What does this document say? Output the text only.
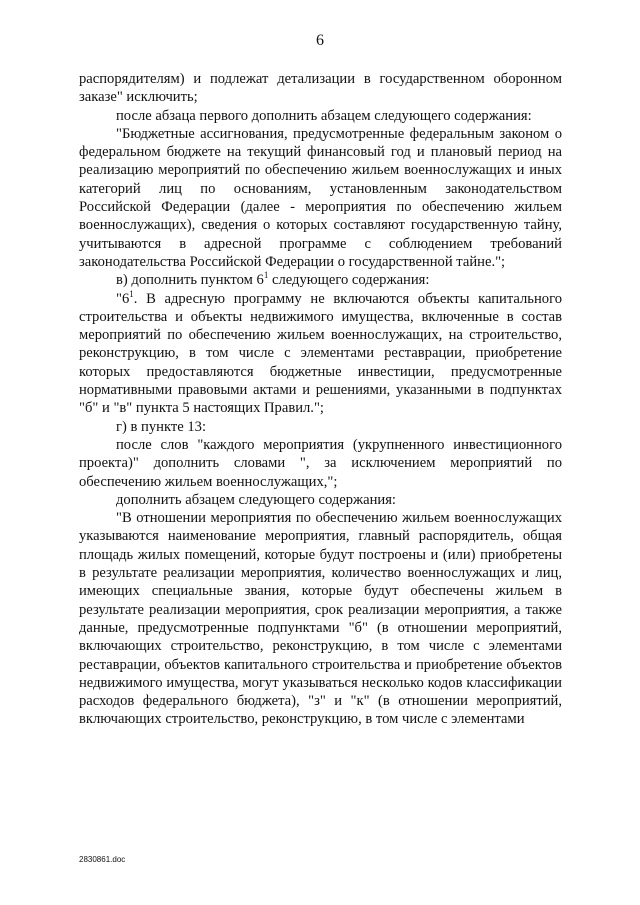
6

распорядителям) и подлежат детализации в государственном оборонном заказе" исключить;

после абзаца первого дополнить абзацем следующего содержания:

"Бюджетные ассигнования, предусмотренные федеральным законом о федеральном бюджете на текущий финансовый год и плановый период на реализацию мероприятий по обеспечению жильем военнослужащих и иных категорий лиц по основаниям, установленным законодательством Российской Федерации (далее - мероприятия по обеспечению жильем военнослужащих), сведения о которых составляют государственную тайну, учитываются в адресной программе с соблюдением требований законодательства Российской Федерации о государственной тайне.";

в) дополнить пунктом $6^1$ следующего содержания:

"$6^1$. В адресную программу не включаются объекты капитального строительства и объекты недвижимого имущества, включенные в состав мероприятий по обеспечению жильем военнослужащих, на строительство, реконструкцию, в том числе с элементами реставрации, приобретение которых предоставляются бюджетные инвестиции, предусмотренные нормативными правовыми актами и решениями, указанными в подпунктах "б" и "в" пункта 5 настоящих Правил.";

г) в пункте 13:

после слов "каждого мероприятия (укрупненного инвестиционного проекта)" дополнить словами ", за исключением мероприятий по обеспечению жильем военнослужащих,";

дополнить абзацем следующего содержания:

"В отношении мероприятия по обеспечению жильем военнослужащих указываются наименование мероприятия, главный распорядитель, общая площадь жилых помещений, которые будут построены и (или) приобретены в результате реализации мероприятия, количество военнослужащих и лиц, имеющих специальные звания, которые будут обеспечены жильем в результате реализации мероприятия, срок реализации мероприятия, а также данные, предусмотренные подпунктами "б" (в отношении мероприятий, включающих строительство, реконструкцию, в том числе с элементами реставрации, объектов капитального строительства и приобретение объектов недвижимого имущества, могут указываться несколько кодов классификации расходов федерального бюджета), "з" и "к" (в отношении мероприятий, включающих строительство, реконструкцию, в том числе с элементами

2830861.doc
